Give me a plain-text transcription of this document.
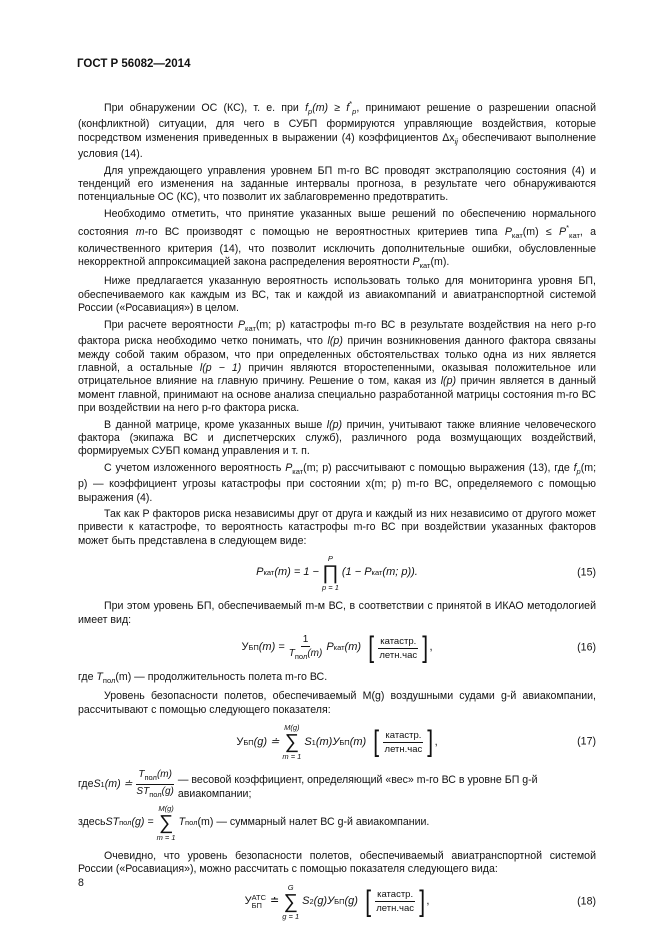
ГОСТ Р 56082—2014

При обнаружении ОС (КС), т. е. при $f_p(m) \ge f^*_p$, принимают решение о разрешении опасной (конфликтной) ситуации, для чего в СУБП формируются управляющие воздействия, которые посредством изменения приведенных в выражении (4) коэффициентов $\Delta x_{ij}$ обеспечивают выполнение условия (14).

Для упреждающего управления уровнем БП m-го ВС проводят экстраполяцию состояния (4) и тенденций его изменения на заданные интервалы прогноза, в результате чего обнаруживаются потенциальные ОС (КС), что позволит их заблаговременно предотвратить.

Необходимо отметить, что принятие указанных выше решений по обеспечению нормального состояния m-го ВС производят с помощью не вероятностных критериев типа $P_{кат}(m) \le P^*_{кат}$, а количественного критерия (14), что позволит исключить дополнительные ошибки, обусловленные некорректной аппроксимацией закона распределения вероятности $P_{кат}(m)$.

Ниже предлагается указанную вероятность использовать только для мониторинга уровня БП, обеспечиваемого как каждым из ВС, так и каждой из авиакомпаний и авиатранспортной системой России («Росавиация») в целом.

При расчете вероятности $P_{кат}(m$; p) катастрофы m-го ВС в результате воздействия на него p-го фактора риска необходимо четко понимать, что l(p) причин возникновения данного фактора связаны между собой таким образом, что при определенных обстоятельствах только одна из них является главной, а остальные l(p − 1) причин являются второстепенными, оказывая положительное или отрицательное влияние на главную причину. Решение о том, какая из l(p) причин является в данный момент главной, принимают на основе анализа специально разработанной матрицы состояния m-го ВС при воздействии на него p-го фактора риска.

В данной матрице, кроме указанных выше l(p) причин, учитывают также влияние человеческого фактора (экипажа ВС и диспетчерских служб), различного рода возмущающих воздействий, формируемых СУБП команд управления и т. п.

С учетом изложенного вероятность $P_{кат}(m$; p) рассчитывают с помощью выражения (13), где $f_p(m$; p) — коэффициент угрозы катастрофы при состоянии x(m; p) m-го ВС, определяемого с помощью выражения (4).

Так как P факторов риска независимы друг от друга и каждый из них независимо от другого может привести к катастрофе, то вероятность катастрофы m-го ВС при воздействии указанных факторов может быть представлена в следующем виде:

P кат (m) = 1 −
P
∏
p = 1
(1 − P кат (m; p)).	(15)

При этом уровень БП, обеспечиваемый m-м ВС, в соответствии с принятой в ИКАО методологией имеет вид:

У БП $(m) = \frac{1}{T_{пол}(m)}$ P кат (m) [ $\frac{\text{катастр.}}{\text{летн.час}}$ ] ,	(16)

где $T_{пол}(m)$ — продолжительность полета m-го ВС.

Уровень безопасности полетов, обеспечиваемый M(g) воздушными судами g-й авиакомпании, рассчитывают с помощью следующего показателя:

У БП (g) ≐
M(g)
∑
m = 1
S 1 (m)У БП (m) [ $\frac{\text{катастр.}}{\text{летн.час}}$ ] ,	(17)
где S 1 (m) ≐ $\frac{T_{пол}(m)}{ST_{пол}(g)}$ — весовой коэффициент, определяющий «вес» m-го ВС в уровне БП g-й авиакомпании;
здесь ST пол (g) =
M(g)
∑
m = 1
T пол (m) — суммарный налет ВС g-й авиакомпании.

Очевидно, что уровень безопасности полетов, обеспечиваемый авиатранспортной системой России («Росавиация»), можно рассчитать с помощью показателя следующего вида:

У АТС
БП ≐
G
∑
g = 1
S 2 (g)У БП (g) [ $\frac{\text{катастр.}}{\text{летн.час}}$ ] ,	(18)
8
